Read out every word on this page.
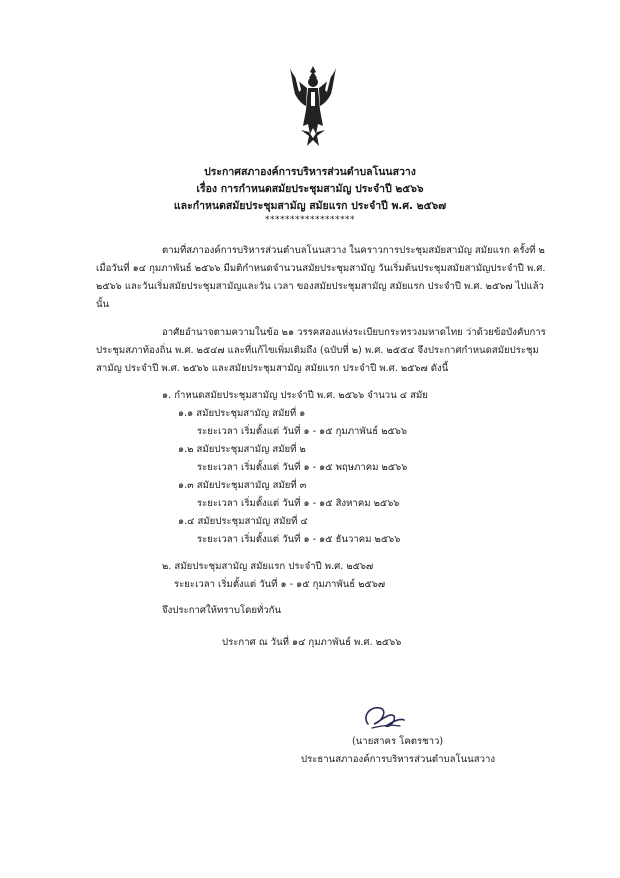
ประกาศสภาองค์การบริหารส่วนตำบลโนนสวาง
เรื่อง การกำหนดสมัยประชุมสามัญ ประจำปี ๒๕๖๖
และกำหนดสมัยประชุมสามัญ สมัยแรก ประจำปี พ.ศ. ๒๕๖๗
******************
ตามที่สภาองค์การบริหารส่วนตำบลโนนสวาง ในคราวการประชุมสมัยสามัญ สมัยแรก ครั้งที่ ๒
เมื่อวันที่ ๑๔ กุมภาพันธ์ ๒๕๖๖ มีมติกำหนดจำนวนสมัยประชุมสามัญ วันเริ่มต้นประชุมสมัยสามัญประจำปี พ.ศ.
๒๕๖๖ และวันเริ่มสมัยประชุมสามัญและวัน เวลา ของสมัยประชุมสามัญ สมัยแรก ประจำปี พ.ศ. ๒๕๖๗ ไปแล้ว
นั้น
อาศัยอำนาจตามความในข้อ ๒๑ วรรคสองแห่งระเบียบกระทรวงมหาดไทย ว่าด้วยข้อบังคับการ
ประชุมสภาท้องถิ่น พ.ศ. ๒๕๔๗ และที่แก้ไขเพิ่มเติมถึง (ฉบับที่ ๒) พ.ศ. ๒๕๕๔ จึงประกาศกำหนดสมัยประชุม
สามัญ ประจำปี พ.ศ. ๒๕๖๖ และสมัยประชุมสามัญ สมัยแรก ประจำปี พ.ศ. ๒๕๖๗ ดังนี้
๑. กำหนดสมัยประชุมสามัญ ประจำปี พ.ศ. ๒๕๖๖ จำนวน ๔ สมัย
๑.๑ สมัยประชุมสามัญ สมัยที่ ๑
ระยะเวลา เริ่มตั้งแต่ วันที่ ๑ - ๑๕ กุมภาพันธ์ ๒๕๖๖
๑.๒ สมัยประชุมสามัญ สมัยที่ ๒
ระยะเวลา เริ่มตั้งแต่ วันที่ ๑ - ๑๕ พฤษภาคม ๒๕๖๖
๑.๓ สมัยประชุมสามัญ สมัยที่ ๓
ระยะเวลา เริ่มตั้งแต่ วันที่ ๑ - ๑๕ สิงหาคม ๒๕๖๖
๑.๔ สมัยประชุมสามัญ สมัยที่ ๔
ระยะเวลา เริ่มตั้งแต่ วันที่ ๑ - ๑๕ ธันวาคม ๒๕๖๖
๒. สมัยประชุมสามัญ สมัยแรก ประจำปี พ.ศ. ๒๕๖๗
ระยะเวลา เริ่มตั้งแต่ วันที่ ๑ - ๑๕ กุมภาพันธ์ ๒๕๖๗
จึงประกาศให้ทราบโดยทั่วกัน
ประกาศ ณ วันที่ ๑๔ กุมภาพันธ์ พ.ศ. ๒๕๖๖
(นายสาคร โคตรชาว)
ประธานสภาองค์การบริหารส่วนตำบลโนนสวาง
